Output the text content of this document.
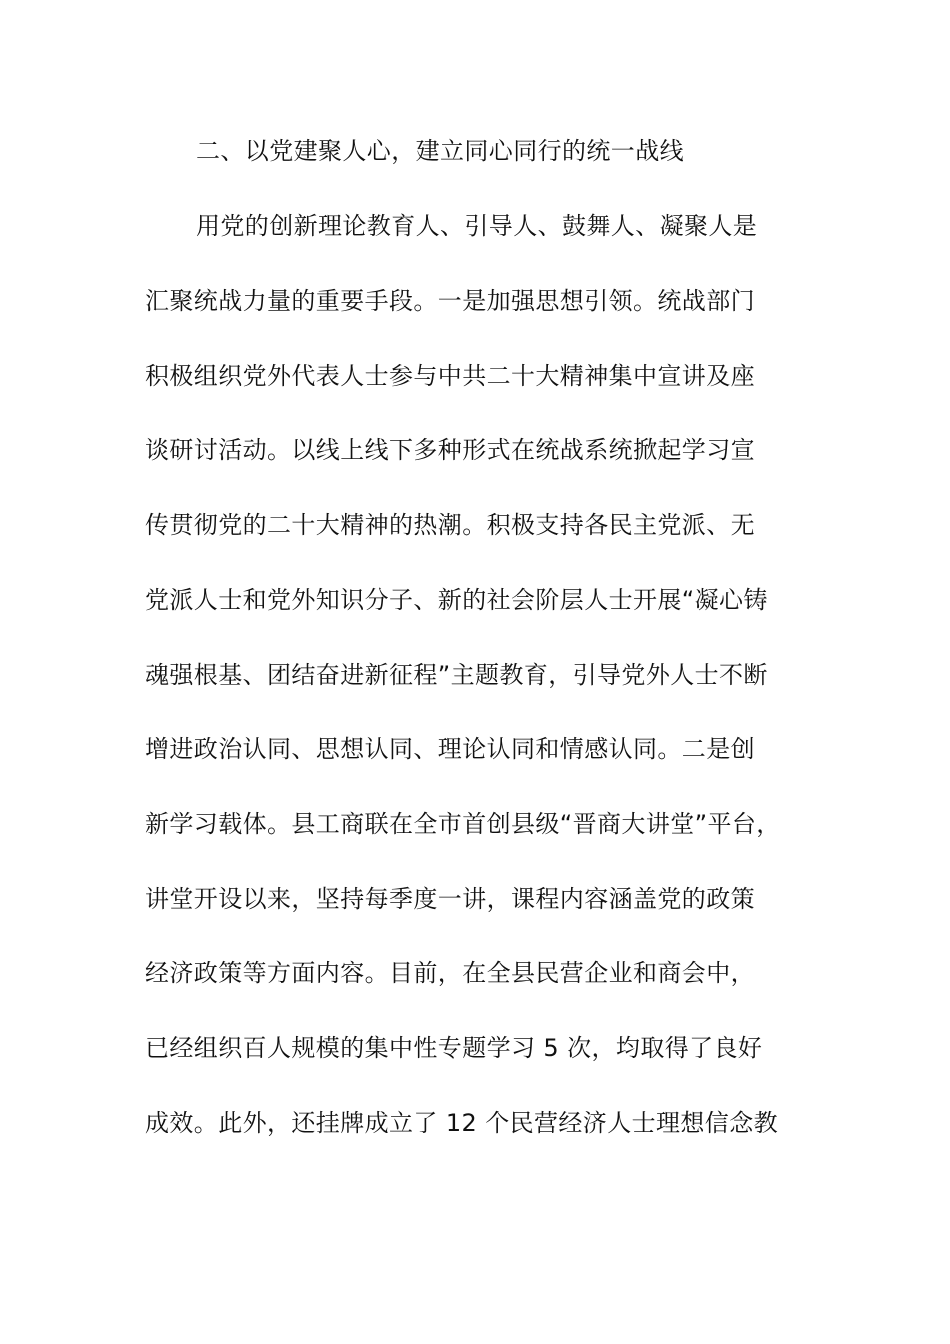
二、以党建聚人心，建立同心同行的统一战线
用党的创新理论教育人、引导人、鼓舞人、凝聚人是
汇聚统战力量的重要手段。一是加强思想引领。统战部门
积极组织党外代表人士参与中共二十大精神集中宣讲及座
谈研讨活动。以线上线下多种形式在统战系统掀起学习宣
传贯彻党的二十大精神的热潮。积极支持各民主党派、无
党派人士和党外知识分子、新的社会阶层人士开展“凝心铸
魂强根基、团结奋进新征程”主题教育，引导党外人士不断
增进政治认同、思想认同、理论认同和情感认同。二是创
新学习载体。县工商联在全市首创县级“晋商大讲堂”平台，
讲堂开设以来，坚持每季度一讲，课程内容涵盖党的政策
经济政策等方面内容。目前，在全县民营企业和商会中，
已经组织百人规模的集中性专题学习 5 次，均取得了良好
成效。此外，还挂牌成立了 12 个民营经济人士理想信念教
